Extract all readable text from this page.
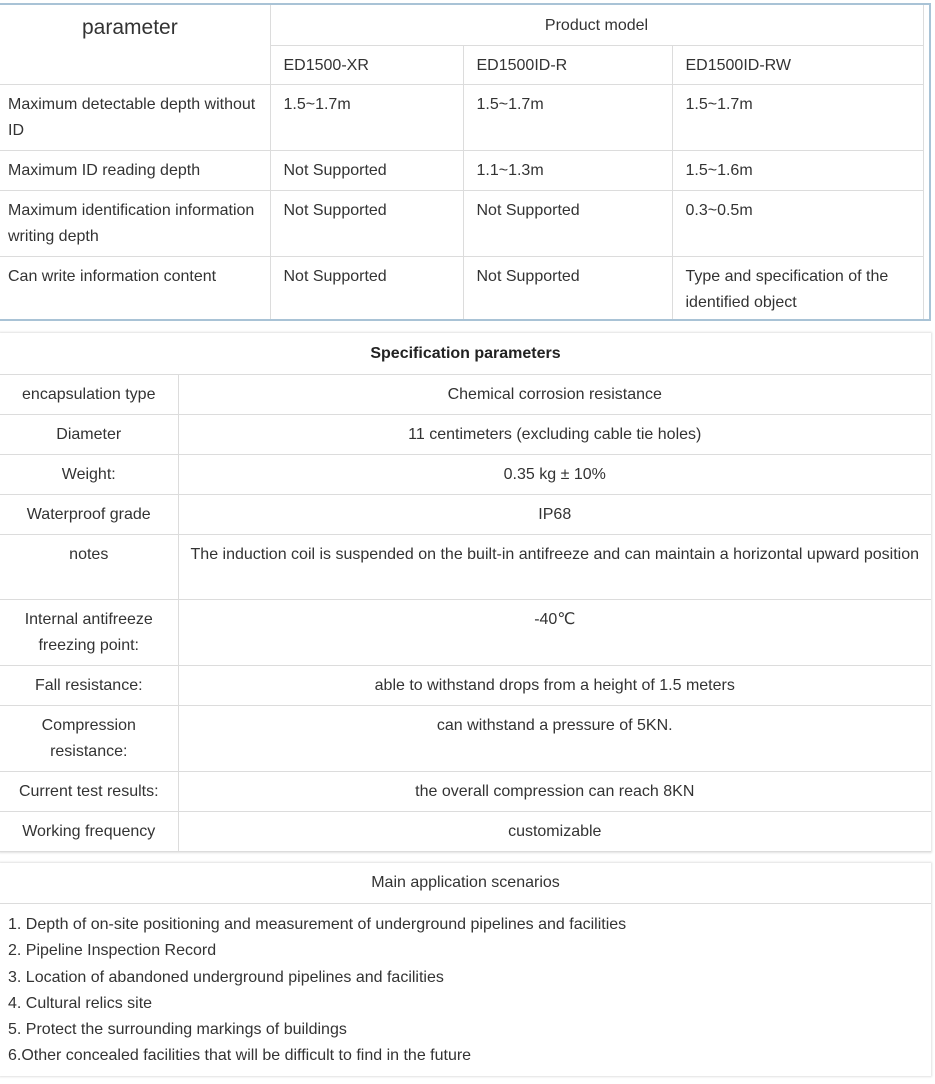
parameter	Product model		
	ED1500-XR	ED1500ID-R	ED1500ID-RW
Maximum detectable depth without ID	1.5~1.7m	1.5~1.7m	1.5~1.7m
Maximum ID reading depth	Not Supported	1.1~1.3m	1.5~1.6m
Maximum identification information writing depth	Not Supported	Not Supported	0.3~0.5m
Can write information content	Not Supported	Not Supported	Type and specification of the identified object
Specification parameters	
encapsulation type	Chemical corrosion resistance
Diameter	11 centimeters (excluding cable tie holes)
Weight:	0.35 kg ± 10%
Waterproof grade	IP68
notes	The induction coil is suspended on the built-in antifreeze and can maintain a horizontal upward position
Internal antifreeze freezing point:	-40℃
Fall resistance:	able to withstand drops from a height of 1.5 meters
Compression resistance:	can withstand a pressure of 5KN.
Current test results:	the overall compression can reach 8KN
Working frequency	customizable
Main application scenarios
1. Depth of on-site positioning and measurement of underground pipelines and facilities
2. Pipeline Inspection Record
3. Location of abandoned underground pipelines and facilities
4. Cultural relics site
5. Protect the surrounding markings of buildings
6.Other concealed facilities that will be difficult to find in the future
